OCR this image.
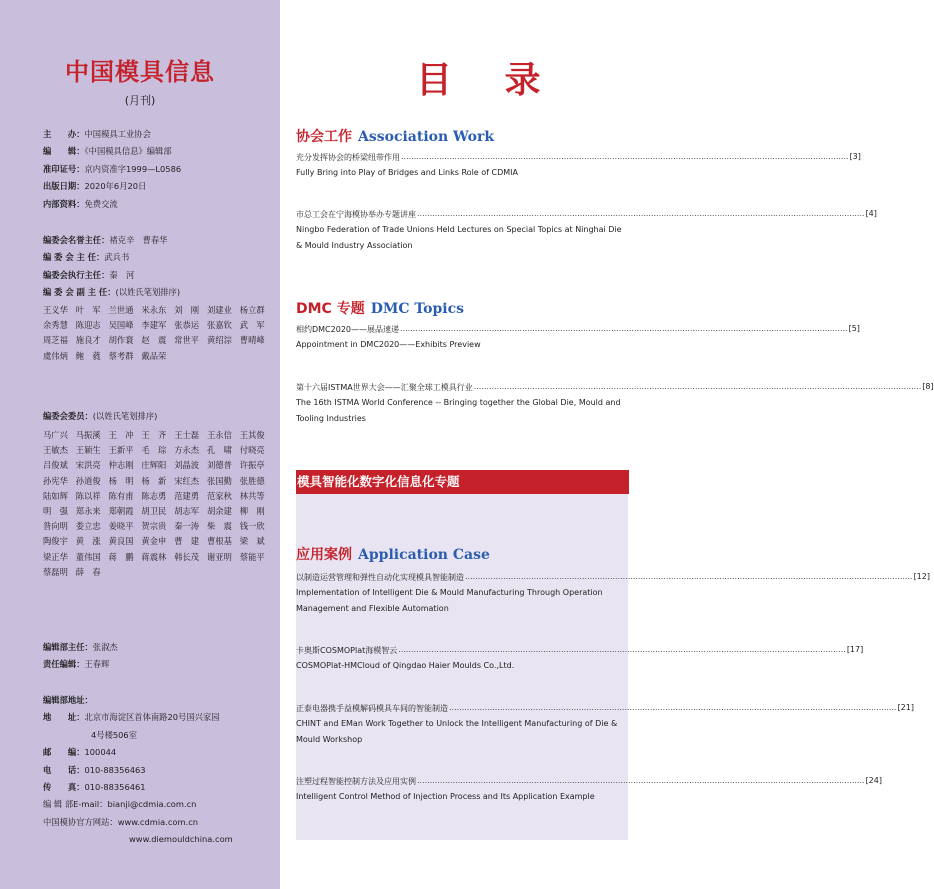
中国模具信息
(月刊)
主　　办：中国模具工业协会
编　　辑：《中国模具信息》编辑部
准印证号：京内资准字1999—L0586
出版日期：2020年6月20日
内部资料：免费交流
编委会名誉主任：褚克辛　曹春华
编 委 会 主 任：武兵书
编委会执行主任：秦　河
编 委 会 副 主 任：(以姓氏笔划排序)
王义华 叶　军 兰世通 米永东 刘　刚 刘建业 杨立群余秀慧 陈迎志 吴国峰 李建军 张恭运 张嘉钦 武　军周芝福 施良才 胡作寰 赵　震 常世平 黄绍淙 曹晴峰虞伟炳 鲍　蕤 蔡考群 戴品荣
编委会委员：(以姓氏笔划排序)
马广兴 马振溪 王　冲 王　齐 王士磊 王永信 王其俊王敏杰 王颖生 王新平 毛　琮 方永杰 孔　啸 付晓亮吕俊斌 宋洪亮 仲志刚 庄辉阳 刘晶波 刘德普 许振亭孙宪华 孙道俊 杨　明 杨　新 宋红杰 张国勤 张胜德陆如辉 陈以祥 陈有甫 陈志勇 范建勇 范家秋 林共等明　强 郑永来 郑朝霞 胡卫民 胡志军 胡余建 柳　刚昝向明 娄立忠 姜晓平 贺宗贵 秦一涛 柴　震 钱一欣陶俊宇 黄　涨 黄良国 黄金申 曹　建 曹根基 梁　斌梁正华 董伟国 蒋　鹏 蒋震林 韩长茂 谢亚明 蔡能平蔡磊明 薛　春
编辑部主任：张淑杰
责任编辑：王春辉
编辑部地址：
地　　址：北京市海淀区首体南路20号国兴家园
4号楼506室
邮　　编：100044
电　　话：010-88356463
传　　真：010-88356461
编 辑 部E-mail：bianji@cdmia.com.cn
中国模协官方网站：www.cdmia.com.cn
www.diemouldchina.com
目 录
协会工作 Association Work
充分发挥协会的桥梁纽带作用 ................................................................................................................................................................................ [3]
Fully Bring into Play of Bridges and Links Role of CDMIA
市总工会在宁海模协举办专题讲座 ................................................................................................................................................................................ [4]
Ningbo Federation of Trade Unions Held Lectures on Special Topics at Ninghai Die & Mould Industry Association
DMC 专题 DMC Topics
相约DMC2020——展品速递 ................................................................................................................................................................................ [5]
Appointment in DMC2020——Exhibits Preview
第十六届ISTMA世界大会——汇聚全球工模具行业 ................................................................................................................................................................................ [8]
The 16th ISTMA World Conference -- Bringing together the Global Die, Mould and Tooling Industries
模具智能化数字化信息化专题
应用案例 Application Case
以制造运营管理和弹性自动化实现模具智能制造 ................................................................................................................................................................................ [12]
Implementation of Intelligent Die & Mould Manufacturing Through Operation Management and Flexible Automation
卡奥斯COSMOPlat海模智云 ................................................................................................................................................................................ [17]
COSMOPlat-HMCloud of Qingdao Haier Moulds Co.,Ltd.
正泰电器携手益模解码模具车间的智能制造 ................................................................................................................................................................................ [21]
CHINT and EMan Work Together to Unlock the Intelligent Manufacturing of Die & Mould Workshop
注塑过程智能控制方法及应用实例 ................................................................................................................................................................................ [24]
Intelligent Control Method of Injection Process and Its Application Example
